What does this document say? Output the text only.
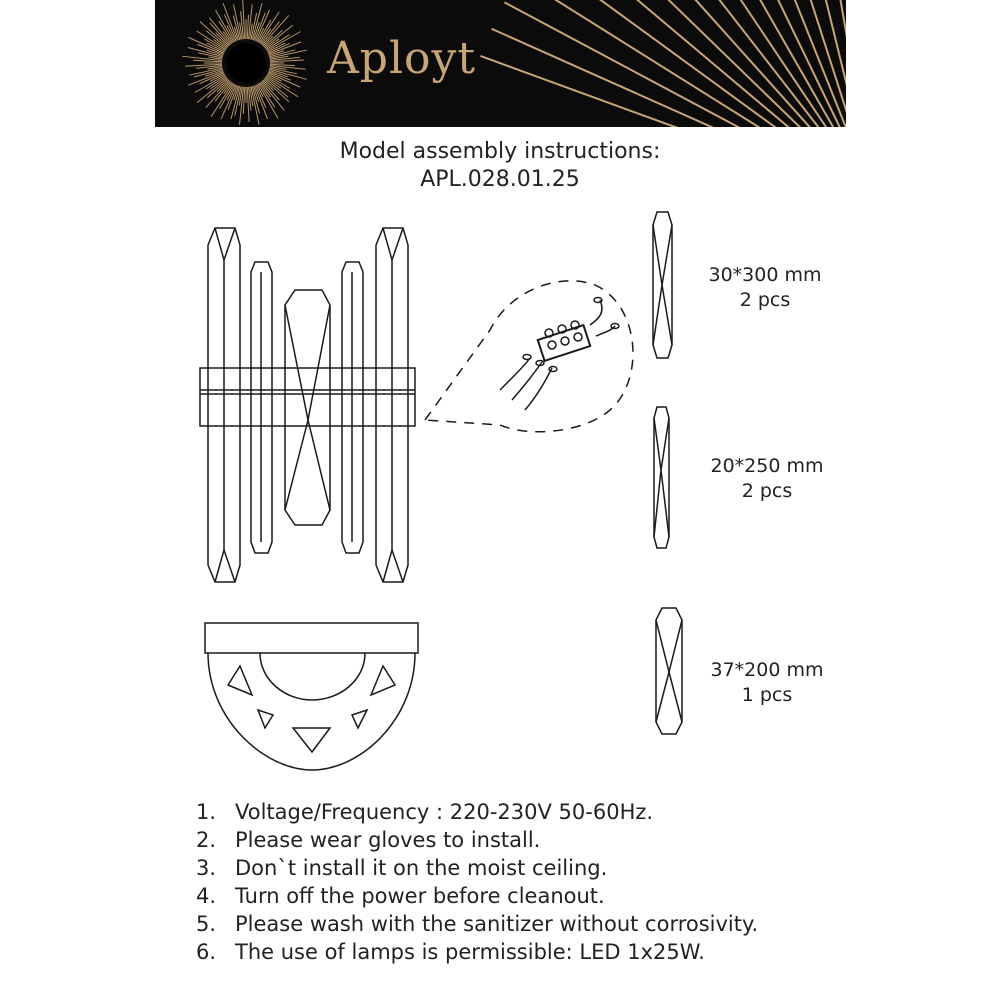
Aployt
Model assembly instructions:
APL.028.01.25
30*300 mm
2 pcs
20*250 mm
2 pcs
37*200 mm
1 pcs
1. Voltage/Frequency : 220-230V 50-60Hz.
2. Please wear gloves to install.
3. Don`t install it on the moist ceiling.
4. Turn off the power before cleanout.
5. Please wash with the sanitizer without corrosivity.
6. The use of lamps is permissible: LED 1x25W.
